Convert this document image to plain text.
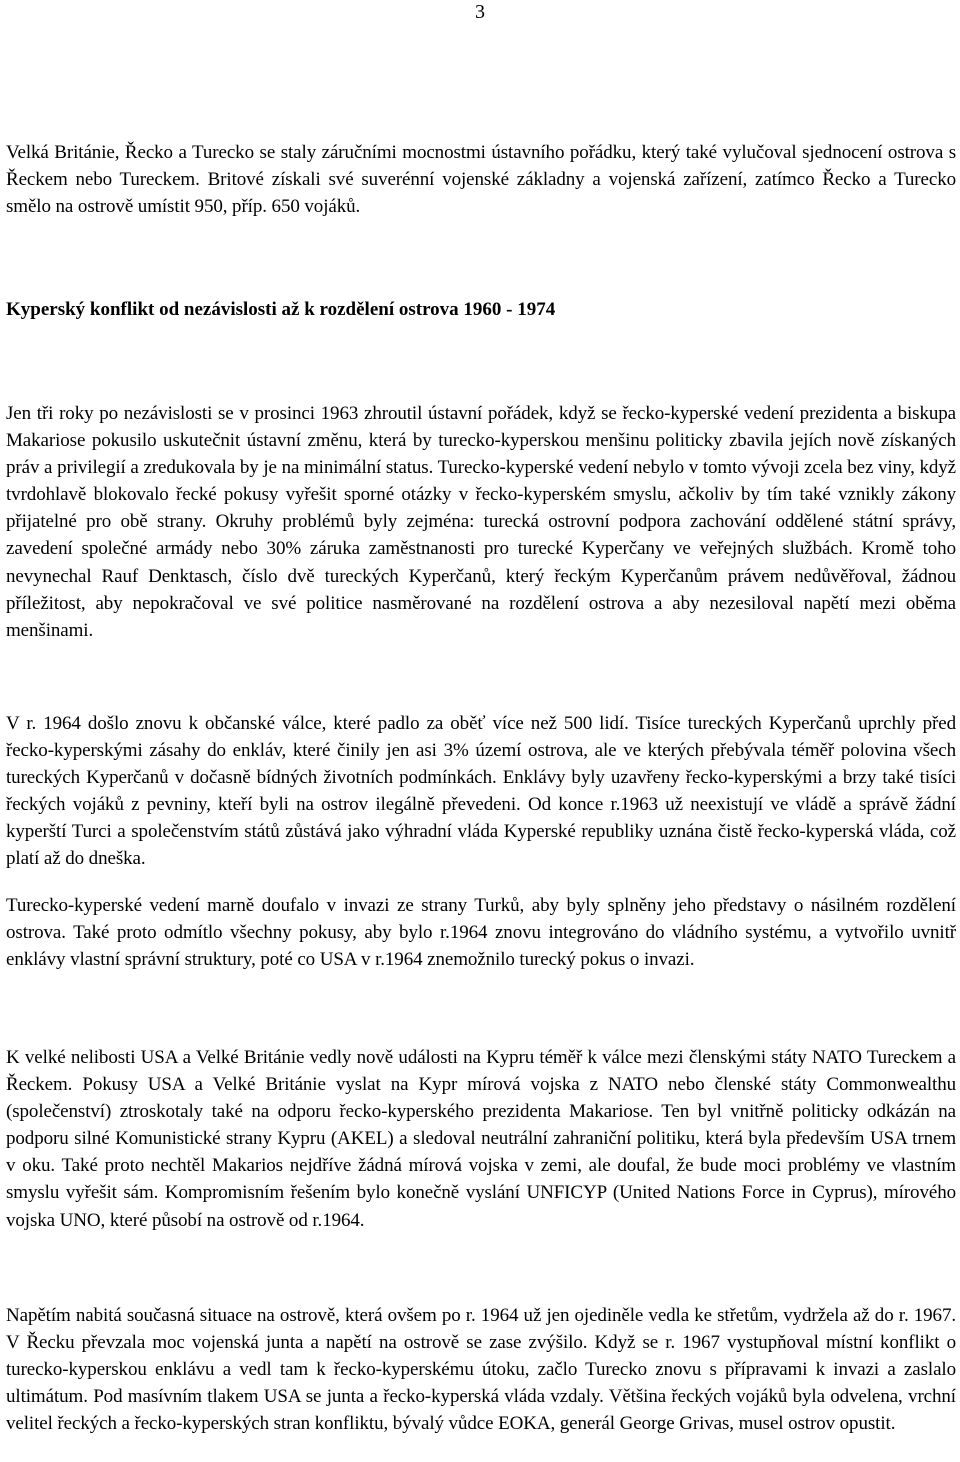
3

Velká Británie, Řecko a Turecko se staly záručními mocnostmi ústavního pořádku, který také vylučoval sjednocení ostrova s Řeckem nebo Tureckem. Britové získali své suverénní vojenské základny a vojenská zařízení, zatímco Řecko a Turecko smělo na ostrově umístit 950, příp. 650 vojáků.

Kyperský konflikt od nezávislosti až k rozdělení ostrova 1960 - 1974

Jen tři roky po nezávislosti se v prosinci 1963 zhroutil ústavní pořádek, když se řecko-kyperské vedení prezidenta a biskupa Makariose pokusilo uskutečnit ústavní změnu, která by turecko-kyperskou menšinu politicky zbavila jejích nově získaných práv a privilegií a zredukovala by je na minimální status. Turecko-kyperské vedení nebylo v tomto vývoji zcela bez viny, když tvrdohlavě blokovalo řecké pokusy vyřešit sporné otázky v řecko-kyperském smyslu, ačkoliv by tím také vznikly zákony přijatelné pro obě strany. Okruhy problémů byly zejména: turecká ostrovní podpora zachování oddělené státní správy, zavedení společné armády nebo 30% záruka zaměstnanosti pro turecké Kyperčany ve veřejných službách. Kromě toho nevynechal Rauf Denktasch, číslo dvě tureckých Kyperčanů, který řeckým Kyperčanům právem nedůvěřoval, žádnou příležitost, aby nepokračoval ve své politice nasměrované na rozdělení ostrova a aby nezesiloval napětí mezi oběma menšinami.

V r. 1964 došlo znovu k občanské válce, které padlo za oběť více než 500 lidí. Tisíce tureckých Kyperčanů uprchly před řecko-kyperskými zásahy do enkláv, které činily jen asi 3% území ostrova, ale ve kterých přebývala téměř polovina všech tureckých Kyperčanů v dočasně bídných životních podmínkách. Enklávy byly uzavřeny řecko-kyperskými a brzy také tisíci řeckých vojáků z pevniny, kteří byli na ostrov ilegálně převedeni. Od konce r.1963 už neexistují ve vládě a správě žádní kyperští Turci a společenstvím států zůstává jako výhradní vláda Kyperské republiky uznána čistě řecko-kyperská vláda, což platí až do dneška.

Turecko-kyperské vedení marně doufalo v invazi ze strany Turků, aby byly splněny jeho představy o násilném rozdělení ostrova. Také proto odmítlo všechny pokusy, aby bylo r.1964 znovu integrováno do vládního systému, a vytvořilo uvnitř enklávy vlastní správní struktury, poté co USA v r.1964 znemožnilo turecký pokus o invazi.

K velké nelibosti USA a Velké Británie vedly nově události na Kypru téměř k válce mezi členskými státy NATO Tureckem a Řeckem. Pokusy USA a Velké Británie vyslat na Kypr mírová vojska z NATO nebo členské státy Commonwealthu (společenství) ztroskotaly také na odporu řecko-kyperského prezidenta Makariose. Ten byl vnitřně politicky odkázán na podporu silné Komunistické strany Kypru (AKEL) a sledoval neutrální zahraniční politiku, která byla především USA trnem v oku. Také proto nechtěl Makarios nejdříve žádná mírová vojska v zemi, ale doufal, že bude moci problémy ve vlastním smyslu vyřešit sám. Kompromisním řešením bylo konečně vyslání UNFICYP (United Nations Force in Cyprus), mírového vojska UNO, které působí na ostrově od r.1964.

Napětím nabitá současná situace na ostrově, která ovšem po r. 1964 už jen ojediněle vedla ke střetům, vydržela až do r. 1967. V Řecku převzala moc vojenská junta a napětí na ostrově se zase zvýšilo. Když se r. 1967 vystupňoval místní konflikt o turecko-kyperskou enklávu a vedl tam k řecko-kyperskému útoku, začlo Turecko znovu s přípravami k invazi a zaslalo ultimátum. Pod masívním tlakem USA se junta a řecko-kyperská vláda vzdaly. Většina řeckých vojáků byla odvelena, vrchní velitel řeckých a řecko-kyperských stran konfliktu, bývalý vůdce EOKA, generál George Grivas, musel ostrov opustit.
